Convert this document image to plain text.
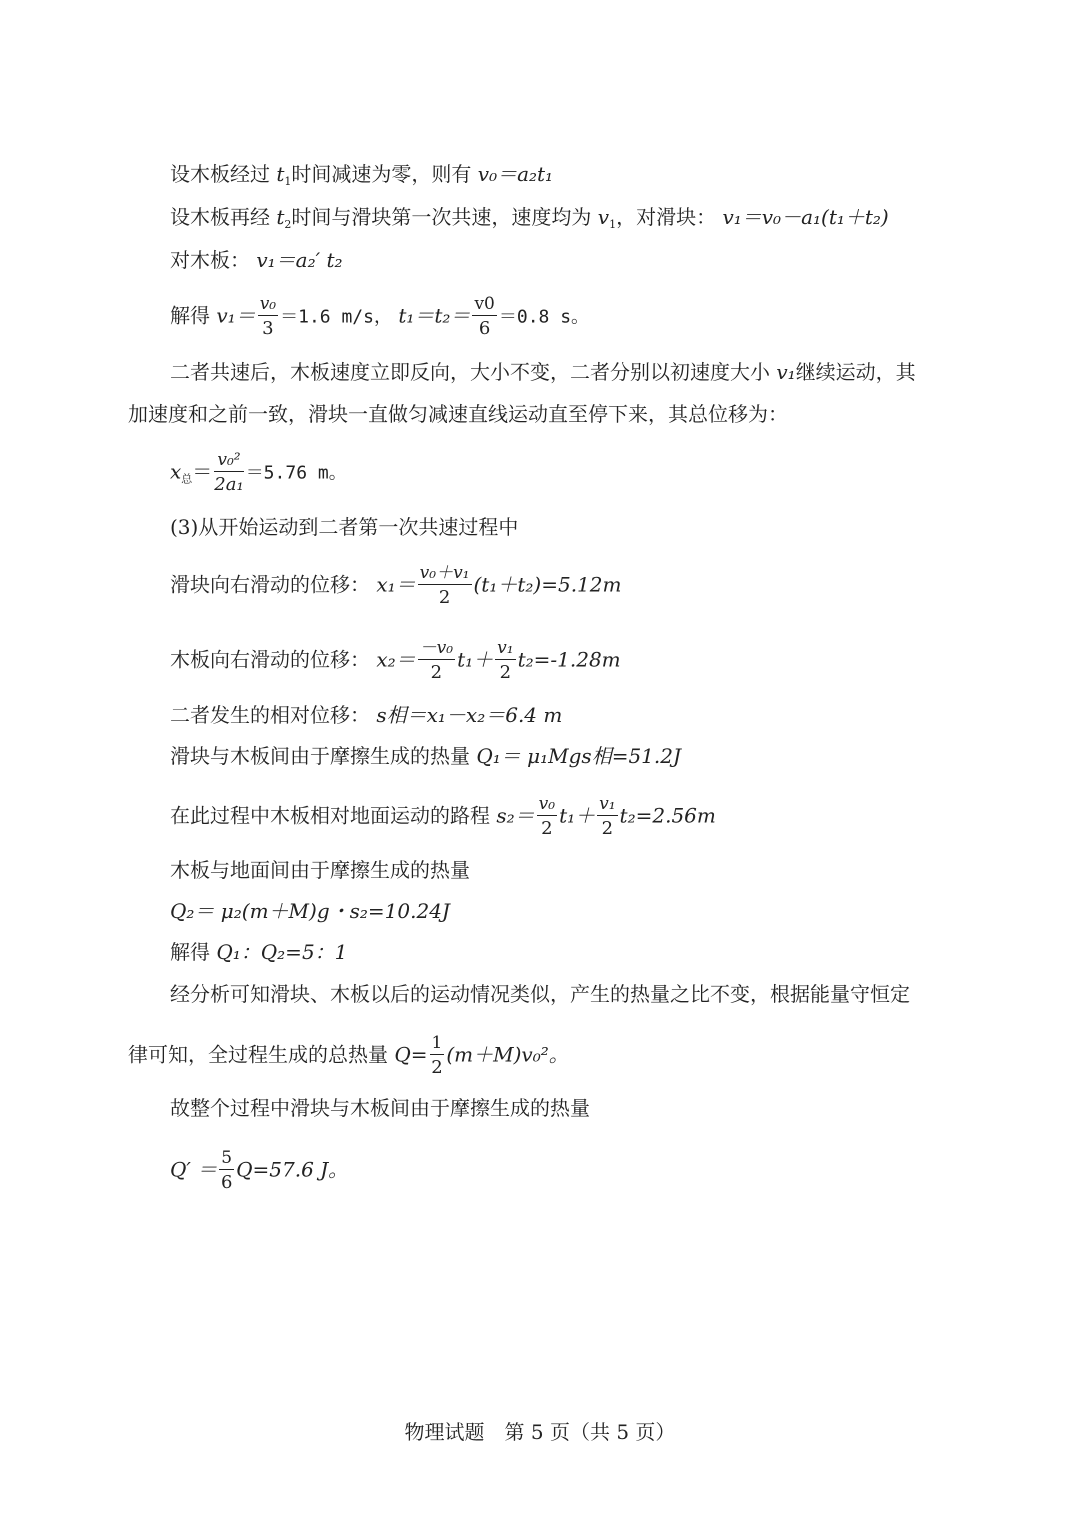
设木板经过 $t_1$时间减速为零，则有 v₀＝a₂t₁
设木板再经 $t_2$时间与滑块第一次共速，速度均为 $v_1$，对滑块： v₁＝v₀－a₁(t₁＋t₂)
对木板： v₁＝a₂′ t₂
解得 $v_1= \frac{\text{v₀}}{3} =1.6$ m/s， $t_1=t_2= \frac{v0}{6} =0.8$ s。
二者共速后，木板速度立即反向，大小不变，二者分别以初速度大小 v₁继续运动，其
加速度和之前一致，滑块一直做匀减速直线运动直至停下来，其总位移为：
$x_总= \frac{\text{v₀²}}{\text{2a₁}} =5.76$ m。
(3)从开始运动到二者第一次共速过程中
滑块向右滑动的位移： $x_1= \frac{\text{v₀＋v₁}}{2} (t_1+t_2)=5.12m$
木板向右滑动的位移： $x_2= \frac{\text{－v₀}}{2} t_1+ \frac{\text{v₁}}{2} t_2=-1.28m$
二者发生的相对位移： s相＝x₁－x₂＝6.4 m
滑块与木板间由于摩擦生成的热量 Q₁＝ μ₁Mgs相=51.2J
在此过程中木板相对地面运动的路程 $s_2= \frac{\text{v₀}}{2} t_1+ \frac{\text{v₁}}{2} t_2=2.56m$
木板与地面间由于摩擦生成的热量
Q₂＝ μ₂(m＋M)g・s₂=10.24J
解得 Q₁：Q₂=5：1
经分析可知滑块、木板以后的运动情况类似，产生的热量之比不变，根据能量守恒定
律可知，全过程生成的总热量 $Q= \frac{1}{2} (m+M)v_0^2$。
故整个过程中滑块与木板间由于摩擦生成的热量
$Q' = \frac{5}{6} Q=57.6$ J。
物理试题　第 5 页（共 5 页）
